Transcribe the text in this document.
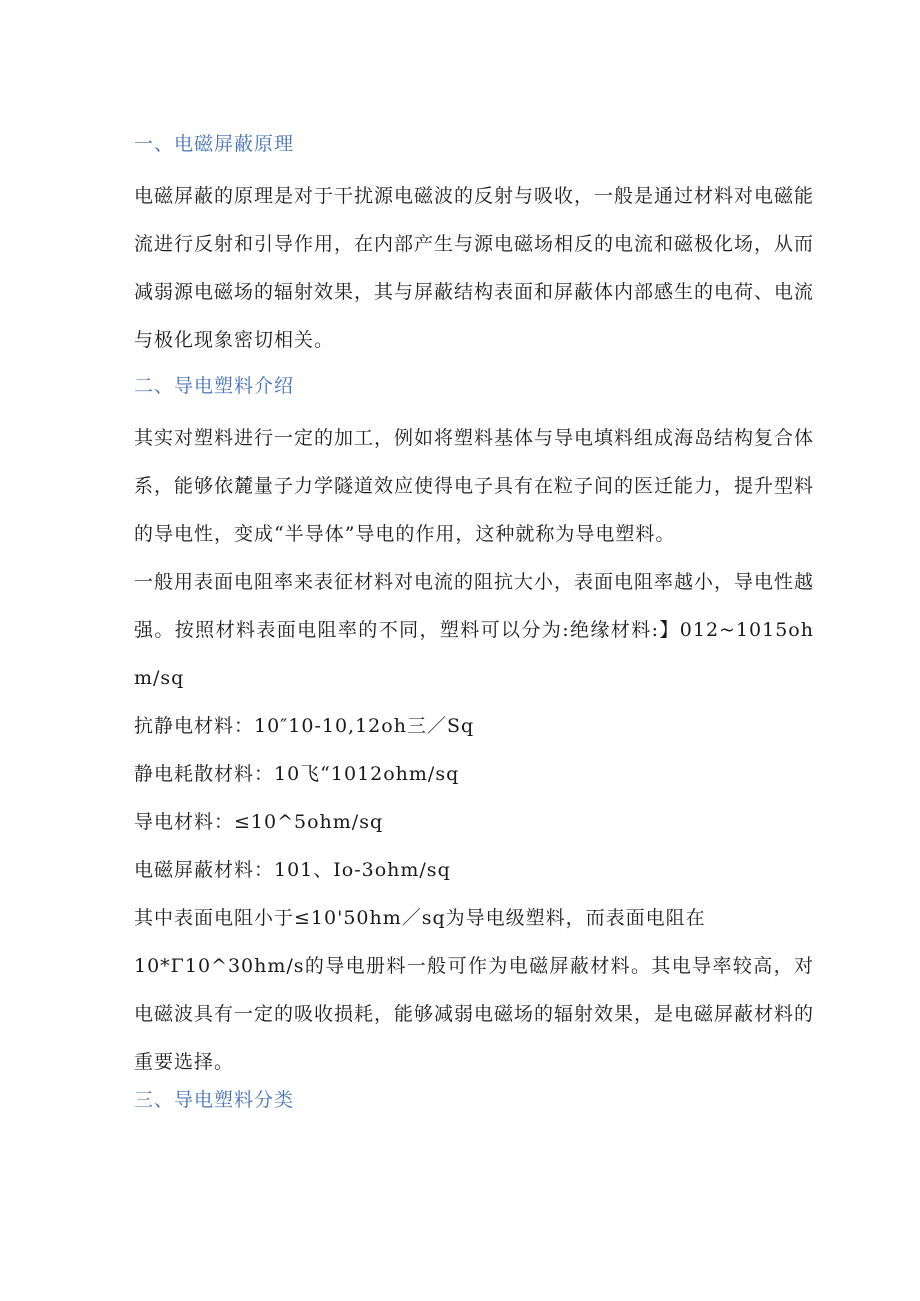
一、电磁屏蔽原理

电磁屏蔽的原理是对于干扰源电磁波的反射与吸收，一般是通过材料对电磁能流进行反射和引导作用，在内部产生与源电磁场相反的电流和磁极化场，从而减弱源电磁场的辐射效果，其与屏蔽结构表面和屏蔽体内部感生的电荷、电流与极化现象密切相关。

二、导电塑料介绍

其实对塑料进行一定的加工，例如将塑料基体与导电填料组成海岛结构复合体系，能够依麓量子力学隧道效应使得电子具有在粒子间的医迁能力，提升型料的导电性，变成“半导体”导电的作用，这种就称为导电塑料。

一般用表面电阻率来表征材料对电流的阻抗大小，表面电阻率越小，导电性越强。按照材料表面电阻率的不同，塑料可以分为:绝缘材料:】012~1015ohm/sq

抗静电材料：10″10-10,12oh三／Sq

静电耗散材料：10飞“1012ohm/sq

导电材料：≤10^5ohm/sq

电磁屏蔽材料：101、Io-3ohm/sq

其中表面电阻小于≤10'50hm／sq为导电级塑料，而表面电阻在

10*Γ10^30hm/s的导电册料一般可作为电磁屏蔽材料。其电导率较高，对电磁波具有一定的吸收损耗，能够减弱电磁场的辐射效果，是电磁屏蔽材料的重要选择。

三、导电塑料分类
